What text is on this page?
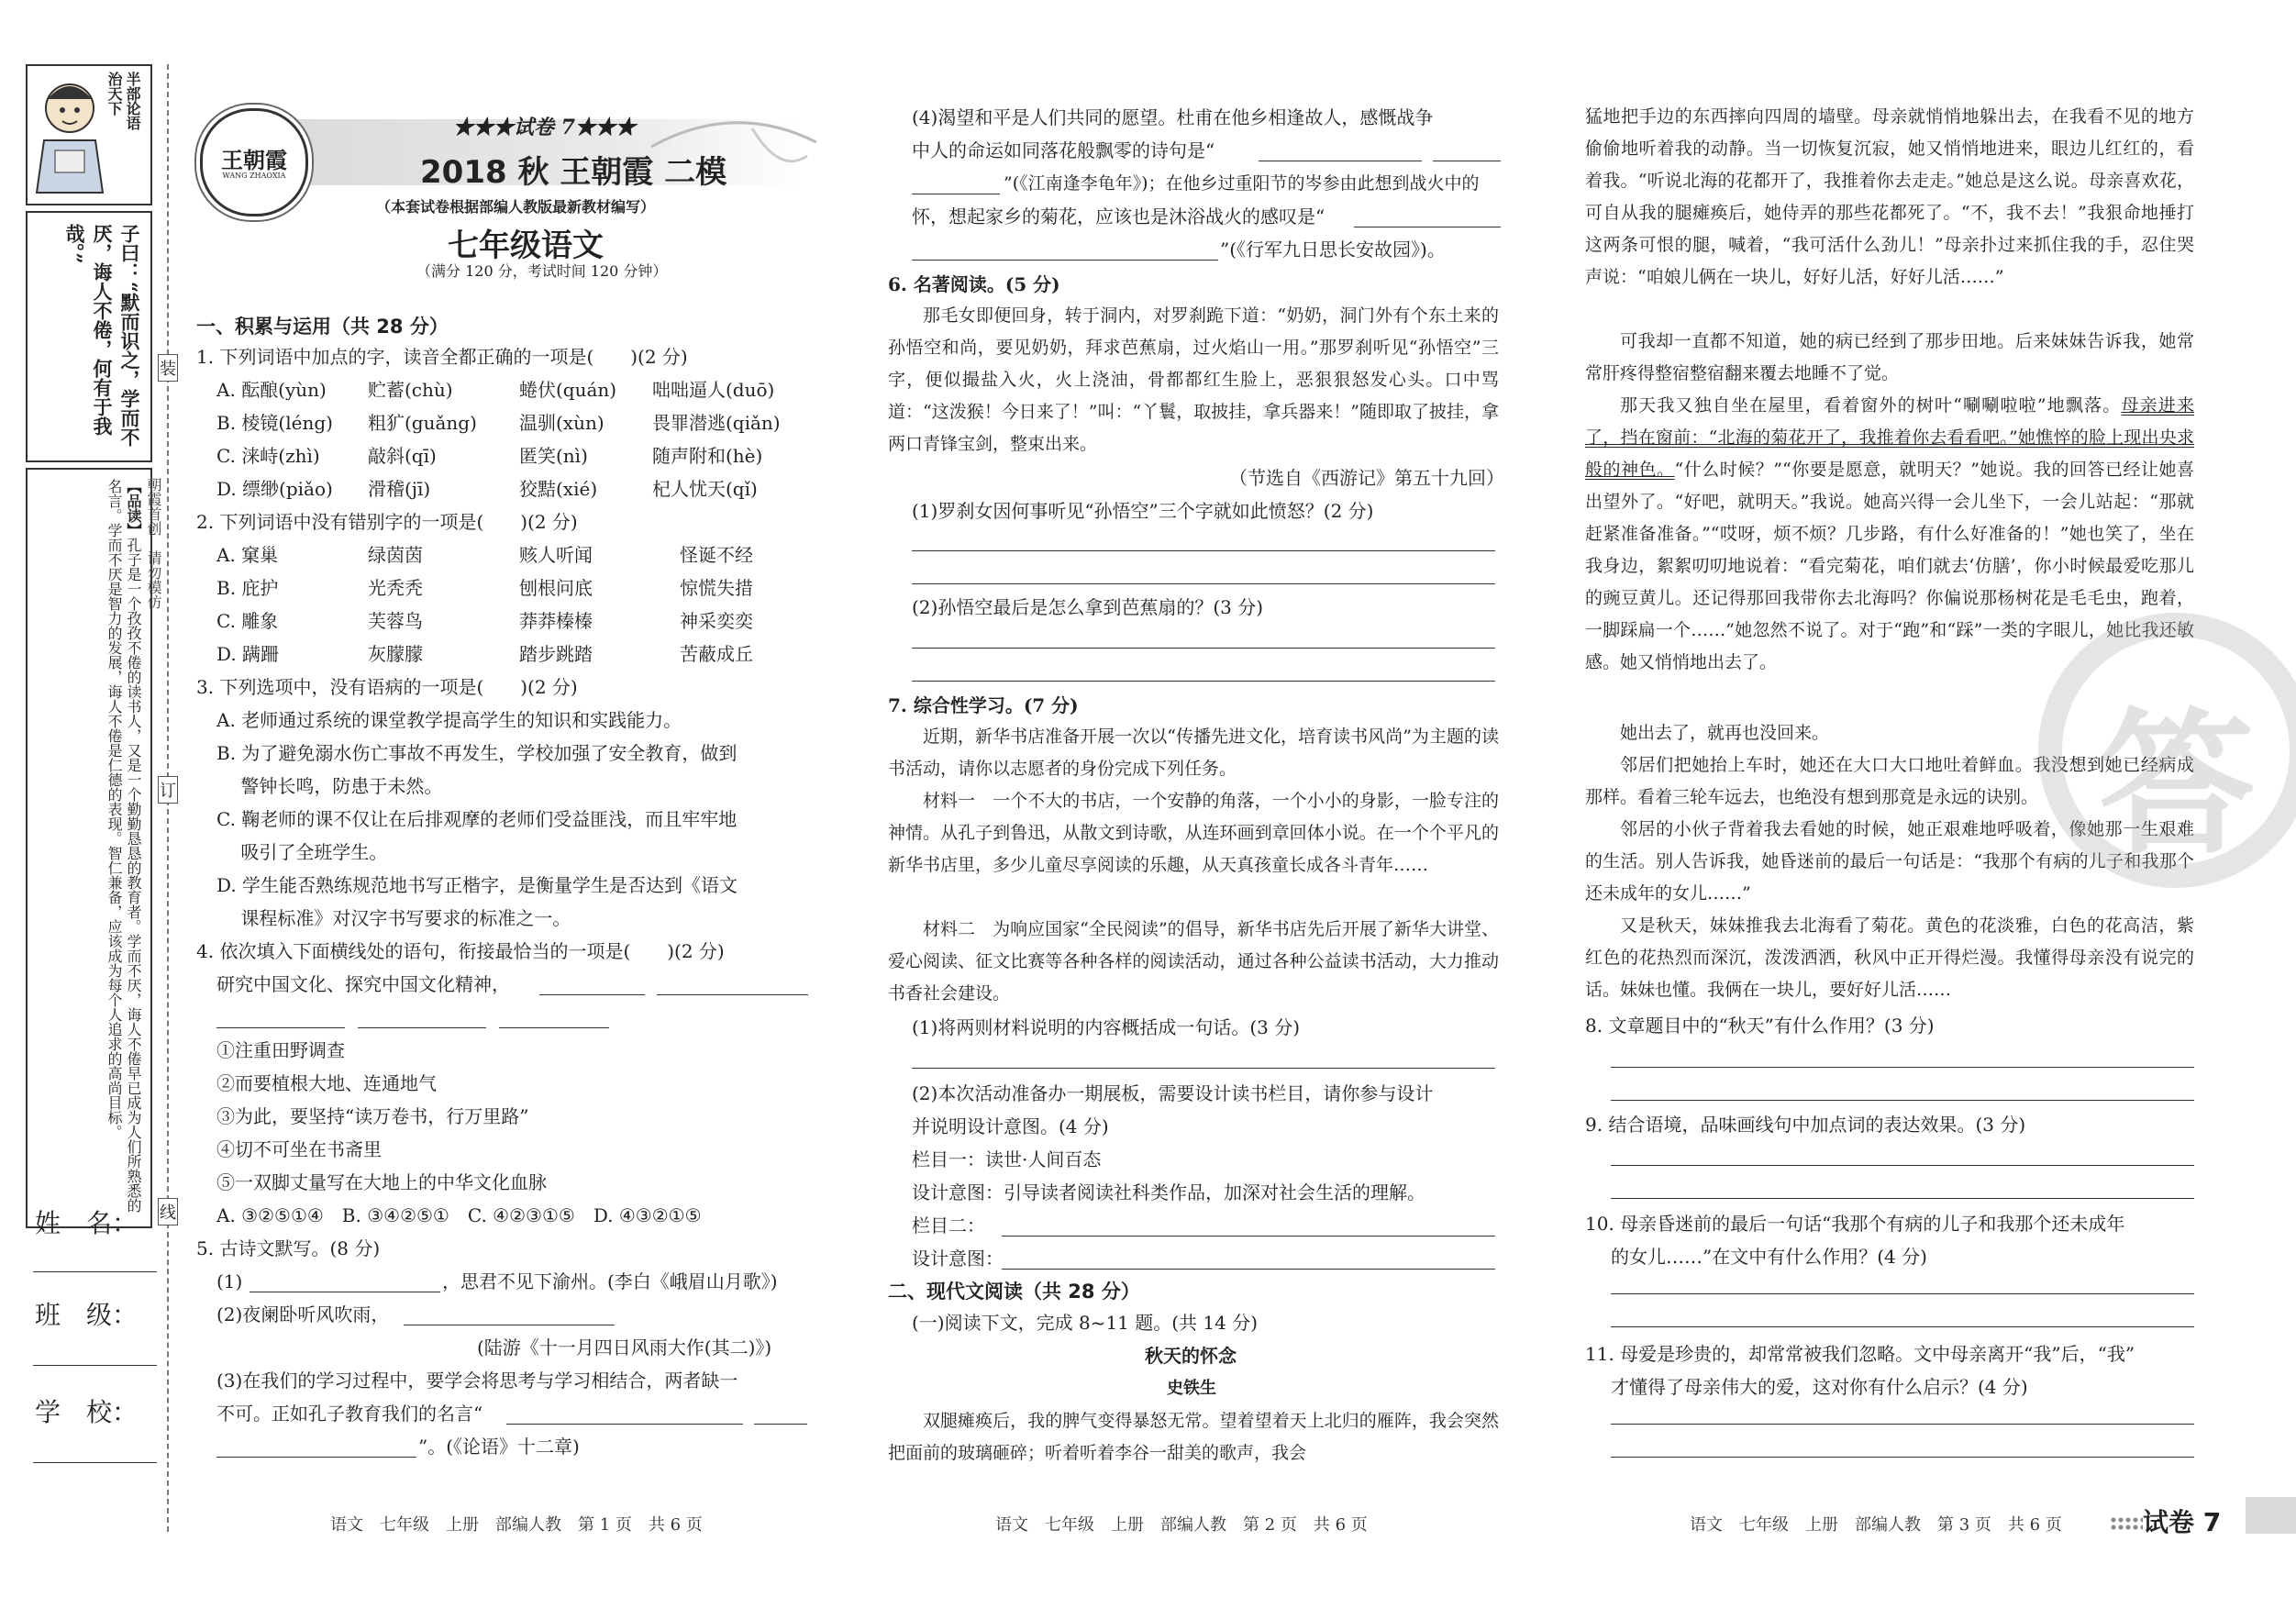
半部论语
治天下
子曰：“默而识之，学而不厌，诲人不倦，何有于我哉。”
【品读】孔子是一个孜孜不倦的读书人，又是一个勤勤恳恳的教育者。学而不厌，诲人不倦早已成为人们所熟悉的名言。学而不厌是智力的发展，诲人不倦是仁德的表现。智仁兼备，应该成为每个人追求的高尚目标。
姓　名：
班　级：
学　校：
装
订
线
朝霞首创　请勿模仿
王朝霞
WANG ZHAOXIA
★★★试卷 7★★★
2018 秋 王朝霞 二模
（本套试卷根据部编人教版最新教材编写）
七年级语文
（满分 120 分，考试时间 120 分钟）
一、积累与运用（共 28 分）
1. 下列词语中加点的字，读音全都正确的一项是(　　)(2 分)
A. 酝酿(yùn)	贮蓄(chù)	蜷伏(quán)	咄咄逼人(duō)
B. 棱镜(léng)	粗犷(guǎng)	温驯(xùn)	畏罪潜逃(qiǎn)
C. 涞峙(zhì)	敲斜(qī)	匿笑(nì)	随声附和(hè)
D. 缥缈(piǎo)	滑稽(jī)	狡黠(xié)	杞人忧天(qǐ)
2. 下列词语中没有错别字的一项是(　　)(2 分)
A. 窠巢	绿茵茵	赅人听闻	怪诞不经
B. 庇护	光秃秃	刨根问底	惊慌失措
C. 雕象	芙蓉鸟	莽莽榛榛	神采奕奕
D. 蹒跚	灰朦朦	踏步跳踏	苦蔽成丘
3. 下列选项中，没有语病的一项是(　　)(2 分)
A. 老师通过系统的课堂教学提高学生的知识和实践能力。
B. 为了避免溺水伤亡事故不再发生，学校加强了安全教育，做到
　 警钟长鸣，防患于未然。
C. 鞠老师的课不仅让在后排观摩的老师们受益匪浅，而且牢牢地
　 吸引了全班学生。
D. 学生能否熟练规范地书写正楷字，是衡量学生是否达到《语文
　 课程标准》对汉字书写要求的标准之一。
4. 依次填入下面横线处的语句，衔接最恰当的一项是(　　)(2 分)
研究中国文化、探究中国文化精神，
①注重田野调查
②而要植根大地、连通地气
③为此，要坚持“读万卷书，行万里路”
④切不可坐在书斋里
⑤一双脚丈量写在大地上的中华文化血脉
A. ③②⑤①④　B. ③④②⑤①　C. ④②③①⑤　D. ④③②①⑤
5. 古诗文默写。(8 分)
(1)	，思君不见下渝州。(李白《峨眉山月歌》)
(2)夜阑卧听风吹雨，
(陆游《十一月四日风雨大作(其二)》)
(3)在我们的学习过程中，要学会将思考与学习相结合，两者缺一
不可。正如孔子教育我们的名言“
”。(《论语》十二章)
(4)渴望和平是人们共同的愿望。杜甫在他乡相逢故人，感慨战争
中人的命运如同落花般飘零的诗句是“
”(《江南逢李龟年》)；在他乡过重阳节的岑参由此想到战火中的
怀，想起家乡的菊花，应该也是沐浴战火的感叹是“
”(《行军九日思长安故园》)。
6. 名著阅读。(5 分)
那毛女即便回身，转于洞内，对罗刹跪下道：“奶奶，洞门外有个东土来的孙悟空和尚，要见奶奶，拜求芭蕉扇，过火焰山一用。”那罗刹听见“孙悟空”三字，便似撮盐入火，火上浇油，骨都都红生脸上，恶狠狠怒发心头。口中骂道：“这泼猴！今日来了！”叫：“丫鬟，取披挂，拿兵器来！”随即取了披挂，拿两口青锋宝剑，整束出来。
（节选自《西游记》第五十九回）
(1)罗刹女因何事听见“孙悟空”三个字就如此愤怒？(2 分)
(2)孙悟空最后是怎么拿到芭蕉扇的？(3 分)
7. 综合性学习。(7 分)
近期，新华书店准备开展一次以“传播先进文化，培育读书风尚”为主题的读书活动，请你以志愿者的身份完成下列任务。
材料一　一个不大的书店，一个安静的角落，一个小小的身影，一脸专注的神情。从孔子到鲁迅，从散文到诗歌，从连环画到章回体小说。在一个个平凡的新华书店里，多少儿童尽享阅读的乐趣，从天真孩童长成各斗青年……
材料二　为响应国家“全民阅读”的倡导，新华书店先后开展了新华大讲堂、爱心阅读、征文比赛等各种各样的阅读活动，通过各种公益读书活动，大力推动书香社会建设。
(1)将两则材料说明的内容概括成一句话。(3 分)
(2)本次活动准备办一期展板，需要设计读书栏目，请你参与设计
并说明设计意图。(4 分)
栏目一：读世·人间百态
设计意图：引导读者阅读社科类作品，加深对社会生活的理解。
栏目二：
设计意图：
二、现代文阅读（共 28 分）
(一)阅读下文，完成 8~11 题。(共 14 分)
秋天的怀念
史铁生
双腿瘫痪后，我的脾气变得暴怒无常。望着望着天上北归的雁阵，我会突然把面前的玻璃砸碎；听着听着李谷一甜美的歌声，我会
猛地把手边的东西摔向四周的墙壁。母亲就悄悄地躲出去，在我看不见的地方偷偷地听着我的动静。当一切恢复沉寂，她又悄悄地进来，眼边儿红红的，看着我。“听说北海的花都开了，我推着你去走走。”她总是这么说。母亲喜欢花，可自从我的腿瘫痪后，她侍弄的那些花都死了。“不，我不去！”我狠命地捶打这两条可恨的腿，喊着，“我可活什么劲儿！”母亲扑过来抓住我的手，忍住哭声说：“咱娘儿俩在一块儿，好好儿活，好好儿活……”
可我却一直都不知道，她的病已经到了那步田地。后来妹妹告诉我，她常常肝疼得整宿整宿翻来覆去地睡不了觉。
那天我又独自坐在屋里，看着窗外的树叶“唰唰啦啦”地飘落。母亲进来了，挡在窗前：“北海的菊花开了，我推着你去看看吧。”她憔悴的脸上现出央求般的神色。“什么时候？”“你要是愿意，就明天？”她说。我的回答已经让她喜出望外了。“好吧，就明天。”我说。她高兴得一会儿坐下，一会儿站起：“那就赶紧准备准备。”“哎呀，烦不烦？几步路，有什么好准备的！”她也笑了，坐在我身边，絮絮叨叨地说着：“看完菊花，咱们就去‘仿膳’，你小时候最爱吃那儿的豌豆黄儿。还记得那回我带你去北海吗？你偏说那杨树花是毛毛虫，跑着，一脚踩扁一个……”她忽然不说了。对于“跑”和“踩”一类的字眼儿，她比我还敏感。她又悄悄地出去了。
她出去了，就再也没回来。
邻居们把她抬上车时，她还在大口大口地吐着鲜血。我没想到她已经病成那样。看着三轮车远去，也绝没有想到那竟是永远的诀别。
邻居的小伙子背着我去看她的时候，她正艰难地呼吸着，像她那一生艰难的生活。别人告诉我，她昏迷前的最后一句话是：“我那个有病的儿子和我那个还未成年的女儿……”
又是秋天，妹妹推我去北海看了菊花。黄色的花淡雅，白色的花高洁，紫红色的花热烈而深沉，泼泼洒洒，秋风中正开得烂漫。我懂得母亲没有说完的话。妹妹也懂。我俩在一块儿，要好好儿活……
8. 文章题目中的“秋天”有什么作用？(3 分)
9. 结合语境，品味画线句中加点词的表达效果。(3 分)
10. 母亲昏迷前的最后一句话“我那个有病的儿子和我那个还未成年
的女儿……”在文中有什么作用？(4 分)
11. 母爱是珍贵的，却常常被我们忽略。文中母亲离开“我”后，“我”
才懂得了母亲伟大的爱，这对你有什么启示？(4 分)
答
语文　七年级　上册　部编人教　第 1 页　共 6 页	语文　七年级　上册　部编人教　第 2 页　共 6 页	语文　七年级　上册　部编人教　第 3 页　共 6 页	试卷 7
